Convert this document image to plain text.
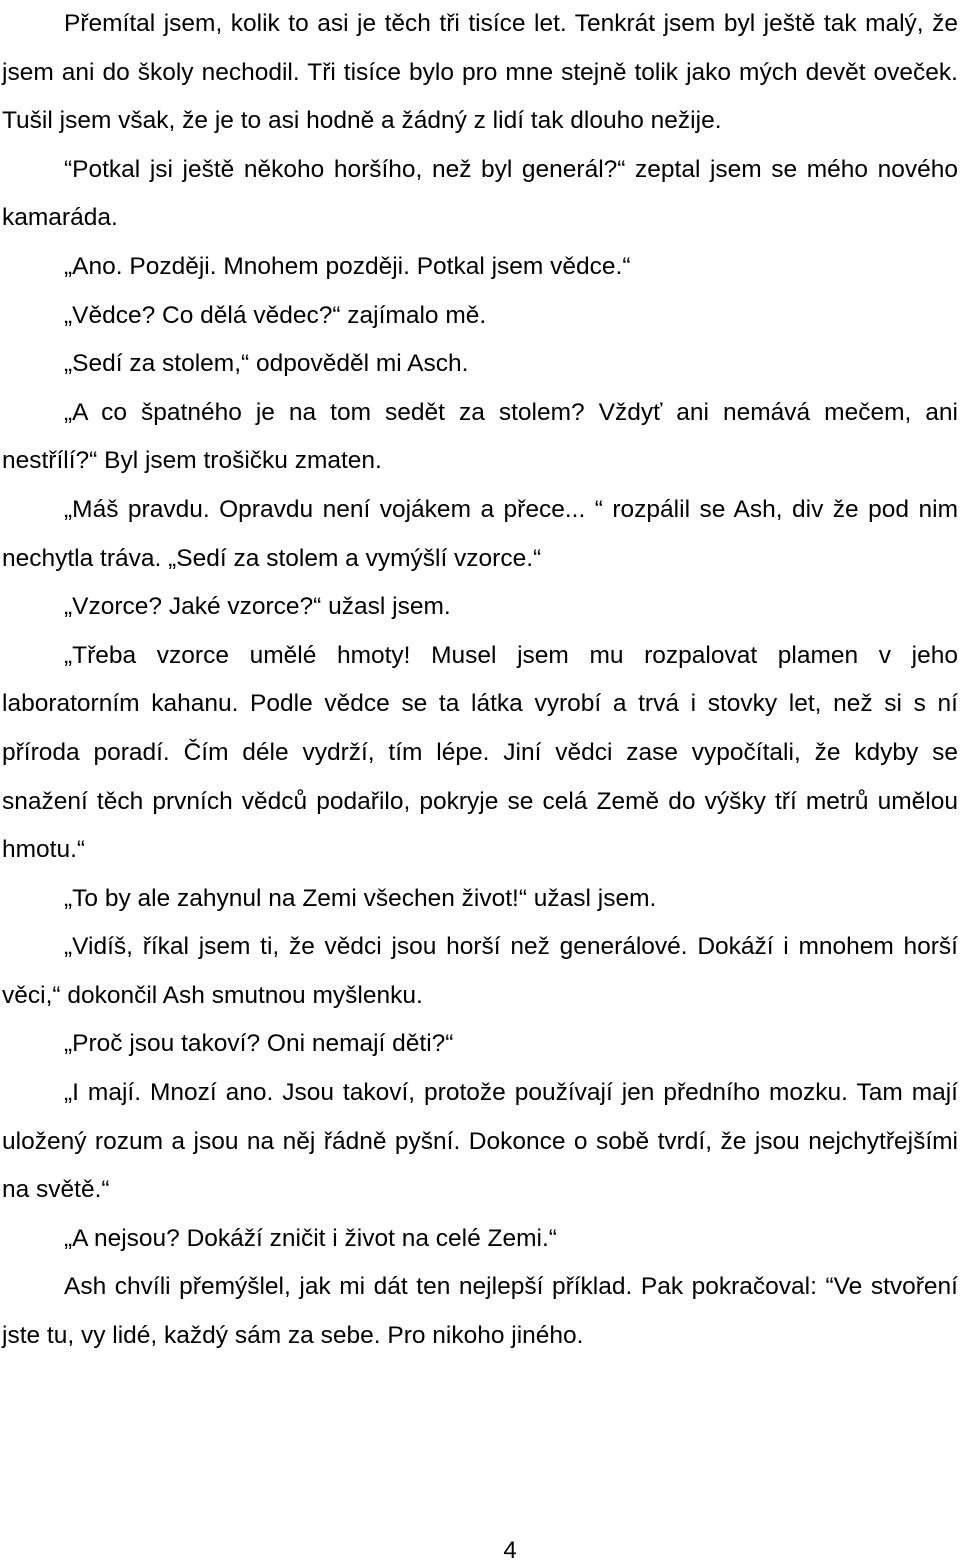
Přemítal jsem, kolik to asi je těch tři tisíce let. Tenkrát jsem byl ještě tak malý, že jsem ani do školy nechodil. Tři tisíce bylo pro mne stejně tolik jako mých devět oveček. Tušil jsem však, že je to asi hodně a žádný z lidí tak dlouho nežije.

“Potkal jsi ještě někoho horšího, než byl generál?“ zeptal jsem se mého nového kamaráda.

„Ano. Později. Mnohem později. Potkal jsem vědce.“

„Vědce? Co dělá vědec?“ zajímalo mě.

„Sedí za stolem,“ odpověděl mi Asch.

„A co špatného je na tom sedět za stolem? Vždyť ani nemává mečem, ani nestřílí?“ Byl jsem trošičku zmaten.

„Máš pravdu. Opravdu není vojákem a přece... “ rozpálil se Ash, div že pod nim nechytla tráva. „Sedí za stolem a vymýšlí vzorce.“

„Vzorce? Jaké vzorce?“ užasl jsem.

„Třeba vzorce umělé hmoty! Musel jsem mu rozpalovat plamen v jeho laboratorním kahanu. Podle vědce se ta látka vyrobí a trvá i stovky let, než si s ní příroda poradí. Čím déle vydrží, tím lépe. Jiní vědci zase vypočítali, že kdyby se snažení těch prvních vědců podařilo, pokryje se celá Země do výšky tří metrů umělou hmotu.“

„To by ale zahynul na Zemi všechen život!“ užasl jsem.

„Vidíš, říkal jsem ti, že vědci jsou horší než generálové. Dokáží i mnohem horší věci,“ dokončil Ash smutnou myšlenku.

„Proč jsou takoví? Oni nemají děti?“

„I mají. Mnozí ano. Jsou takoví, protože používají jen předního mozku. Tam mají uložený rozum a jsou na něj řádně pyšní. Dokonce o sobě tvrdí, že jsou nejchytřejšími na světě.“

„A nejsou? Dokáží zničit i život na celé Zemi.“

Ash chvíli přemýšlel, jak mi dát ten nejlepší příklad. Pak pokračoval: “Ve stvoření jste tu, vy lidé, každý sám za sebe. Pro nikoho jiného.

4
